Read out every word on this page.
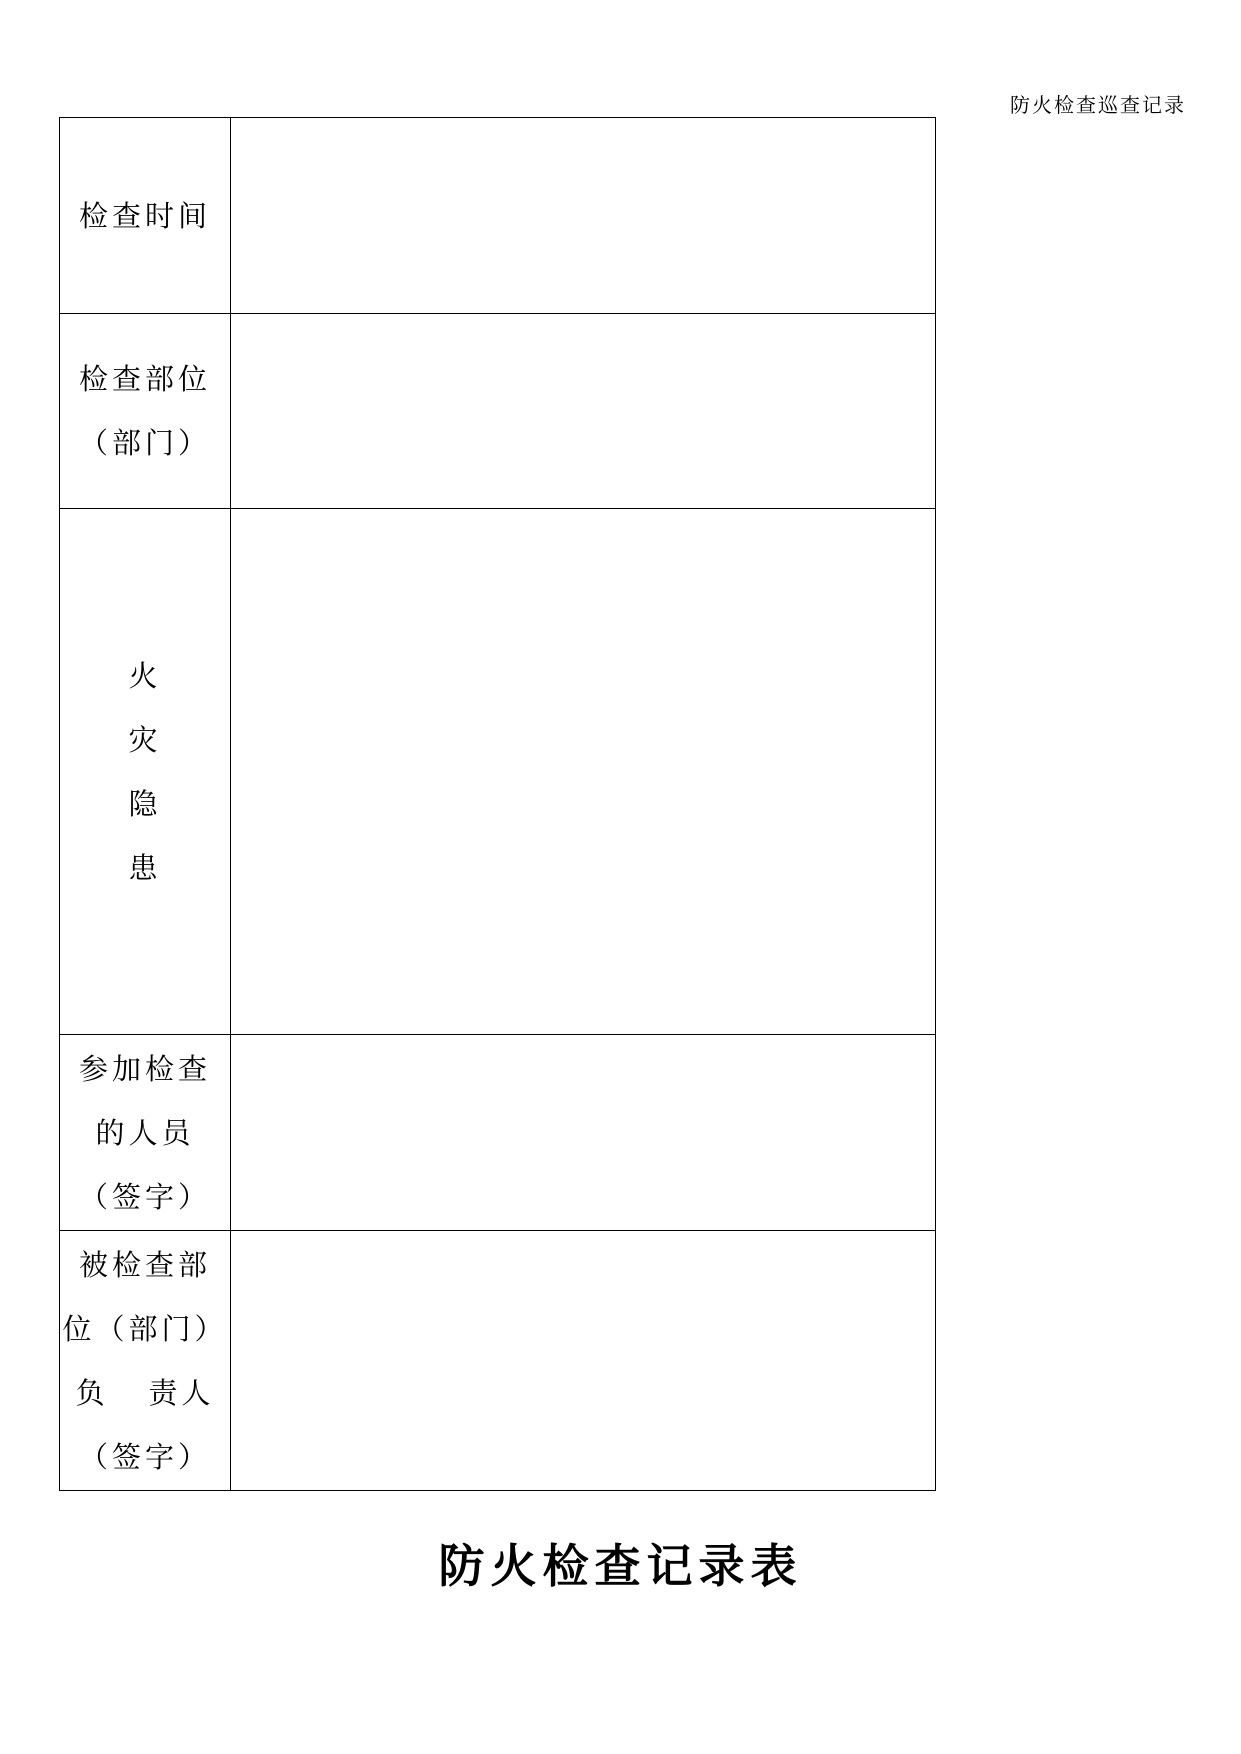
防火检查巡查记录
检查时间	

检查部位
（部门）	

火
灾
隐
患	

参加检查
的人员
（签字）	

被检查部
位（部门）
负   责人
（签字）	

防火检查记录表
